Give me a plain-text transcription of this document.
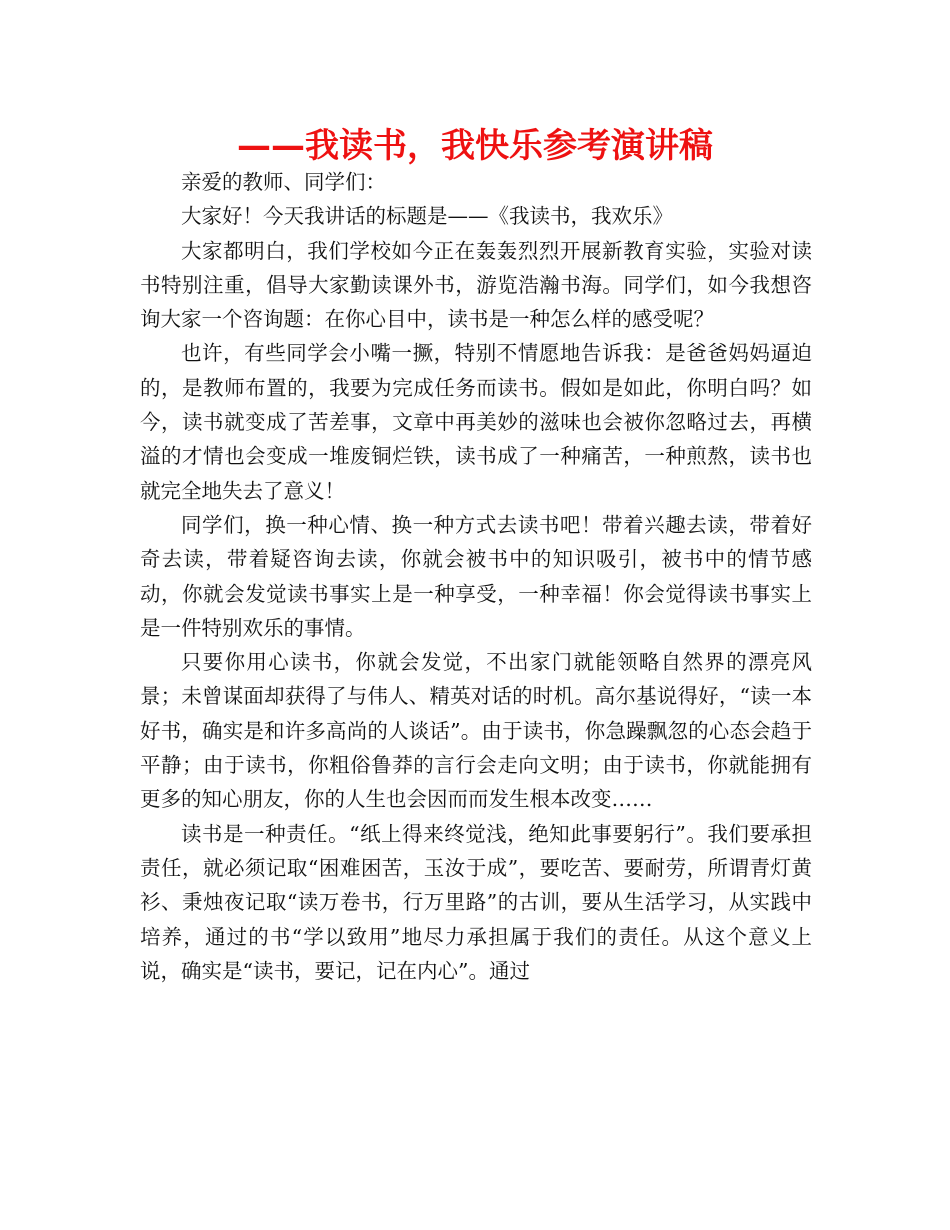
——我读书，我快乐参考演讲稿

亲爱的教师、同学们：

大家好！今天我讲话的标题是——《我读书，我欢乐》

大家都明白，我们学校如今正在轰轰烈烈开展新教育实验，实验对读书特别注重，倡导大家勤读课外书，游览浩瀚书海。同学们，如今我想咨询大家一个咨询题：在你心目中，读书是一种怎么样的感受呢？

也许，有些同学会小嘴一撅，特别不情愿地告诉我：是爸爸妈妈逼迫的，是教师布置的，我要为完成任务而读书。假如是如此，你明白吗？如今，读书就变成了苦差事，文章中再美妙的滋味也会被你忽略过去，再横溢的才情也会变成一堆废铜烂铁，读书成了一种痛苦，一种煎熬，读书也就完全地失去了意义！

同学们，换一种心情、换一种方式去读书吧！带着兴趣去读，带着好奇去读，带着疑咨询去读，你就会被书中的知识吸引，被书中的情节感动，你就会发觉读书事实上是一种享受，一种幸福！你会觉得读书事实上是一件特别欢乐的事情。

只要你用心读书，你就会发觉，不出家门就能领略自然界的漂亮风景；未曾谋面却获得了与伟人、精英对话的时机。高尔基说得好，“读一本好书，确实是和许多高尚的人谈话”。由于读书，你急躁飘忽的心态会趋于平静；由于读书，你粗俗鲁莽的言行会走向文明；由于读书，你就能拥有更多的知心朋友，你的人生也会因而而发生根本改变……

读书是一种责任。“纸上得来终觉浅，绝知此事要躬行”。我们要承担责任，就必须记取“困难困苦，玉汝于成”，要吃苦、要耐劳，所谓青灯黄衫、秉烛夜记取“读万卷书，行万里路”的古训，要从生活学习，从实践中培养，通过的书“学以致用”地尽力承担属于我们的责任。从这个意义上说，确实是“读书，要记，记在内心”。通过
